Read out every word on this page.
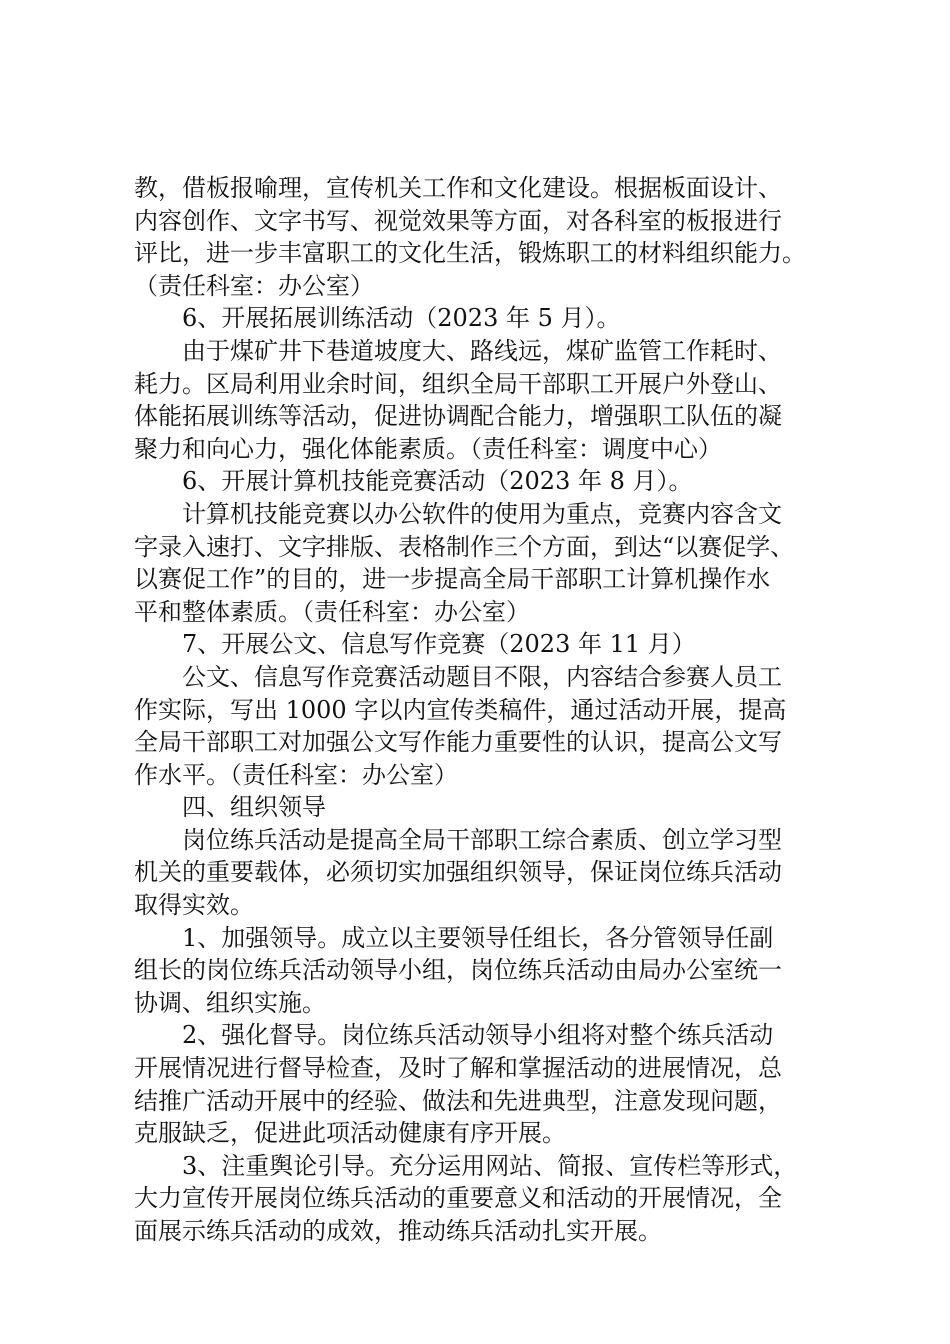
教，借板报喻理，宣传机关工作和文化建设。根据板面设计、
内容创作、文字书写、视觉效果等方面，对各科室的板报进行
评比，进一步丰富职工的文化生活，锻炼职工的材料组织能力。
（责任科室：办公室）
6、开展拓展训练活动（2023 年 5 月）。
由于煤矿井下巷道坡度大、路线远，煤矿监管工作耗时、
耗力。区局利用业余时间，组织全局干部职工开展户外登山、
体能拓展训练等活动，促进协调配合能力，增强职工队伍的凝
聚力和向心力，强化体能素质。（责任科室：调度中心）
6、开展计算机技能竞赛活动（2023 年 8 月）。
计算机技能竞赛以办公软件的使用为重点，竞赛内容含文
字录入速打、文字排版、表格制作三个方面，到达“以赛促学、
以赛促工作”的目的，进一步提高全局干部职工计算机操作水
平和整体素质。（责任科室：办公室）
7、开展公文、信息写作竞赛（2023 年 11 月）
公文、信息写作竞赛活动题目不限，内容结合参赛人员工
作实际，写出 1000 字以内宣传类稿件，通过活动开展，提高
全局干部职工对加强公文写作能力重要性的认识，提高公文写
作水平。（责任科室：办公室）
四、组织领导
岗位练兵活动是提高全局干部职工综合素质、创立学习型
机关的重要载体，必须切实加强组织领导，保证岗位练兵活动
取得实效。
1、加强领导。成立以主要领导任组长，各分管领导任副
组长的岗位练兵活动领导小组，岗位练兵活动由局办公室统一
协调、组织实施。
2、强化督导。岗位练兵活动领导小组将对整个练兵活动
开展情况进行督导检查，及时了解和掌握活动的进展情况，总
结推广活动开展中的经验、做法和先进典型，注意发现问题，
克服缺乏，促进此项活动健康有序开展。
3、注重舆论引导。充分运用网站、简报、宣传栏等形式，
大力宣传开展岗位练兵活动的重要意义和活动的开展情况，全
面展示练兵活动的成效，推动练兵活动扎实开展。
